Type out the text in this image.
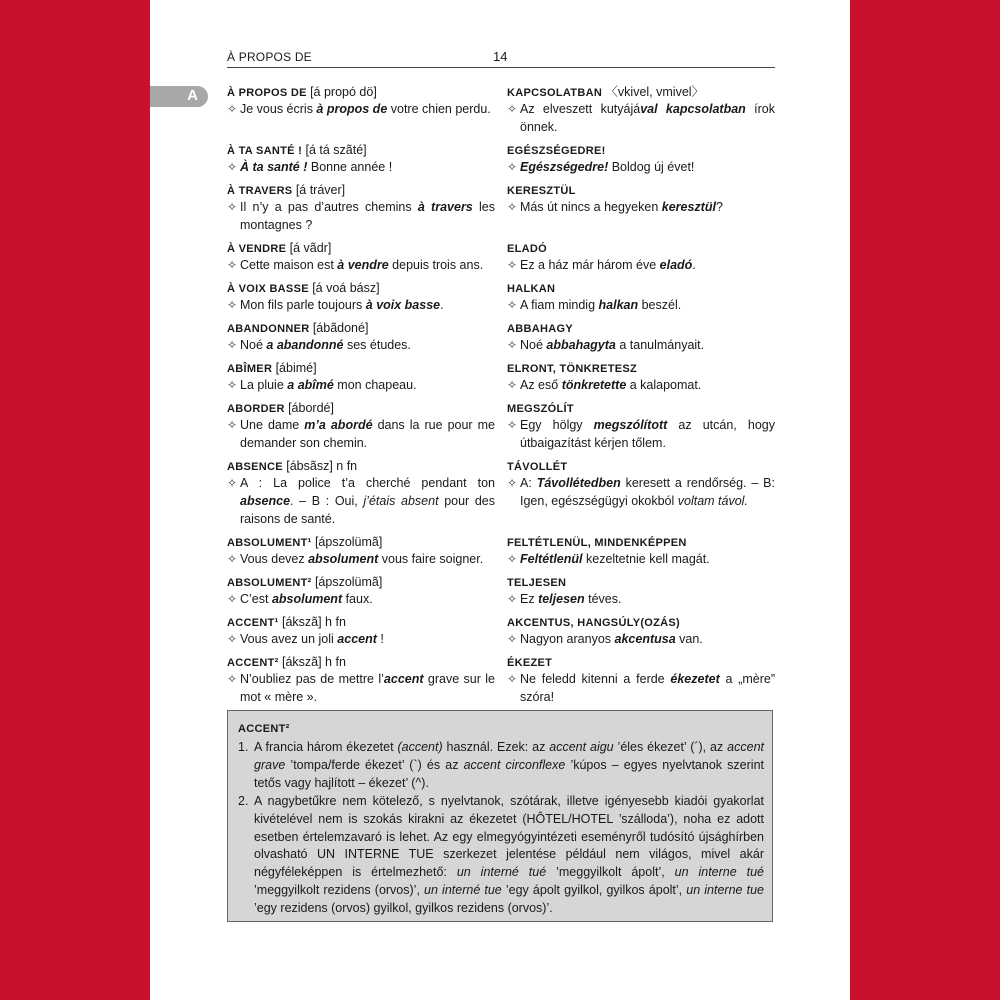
À PROPOS DE	14
A	À PROPOS DE [á propó dö]
✧ Je vous écris à propos de votre chien perdu.
À TA SANTÉ ! [á tá szãté]
✧ À ta santé ! Bonne année !
À TRAVERS [á tráver]
✧ Il n’y a pas d’autres chemins à travers les montagnes ?
À VENDRE [á vãdr]
✧ Cette maison est à vendre depuis trois ans.
À VOIX BASSE [á voá bász]
✧ Mon fils parle toujours à voix basse.
ABANDONNER [ábãdoné]
✧ Noé a abandonné ses études.
ABÎMER [ábimé]
✧ La pluie a abîmé mon chapeau.
ABORDER [ábordé]
✧ Une dame m’a abordé dans la rue pour me demander son chemin.
ABSENCE [ábsãsz] n fn
✧ A : La police t’a cherché pendant ton absence. – B : Oui, j’étais absent pour des raisons de santé.
ABSOLUMENT¹ [ápszolümã]
✧ Vous devez absolument vous faire soigner.
ABSOLUMENT² [ápszolümã]
✧ C’est absolument faux.
ACCENT¹ [ákszã] h fn
✧ Vous avez un joli accent !
ACCENT² [ákszã] h fn
✧ N’oubliez pas de mettre l’accent grave sur le mot « mère ».
KAPCSOLATBAN 〈vkivel, vmivel〉
✧ Az elveszett kutyájával kapcsolatban írok önnek.
EGÉSZSÉGEDRE!
✧ Egészségedre! Boldog új évet!
KERESZTÜL
✧ Más út nincs a hegyeken keresztül?
ELADÓ
✧ Ez a ház már három éve eladó.
HALKAN
✧ A fiam mindig halkan beszél.
ABBAHAGY
✧ Noé abbahagyta a tanulmányait.
ELRONT, TÖNKRETESZ
✧ Az eső tönkretette a kalapomat.
MEGSZÓLÍT
✧ Egy hölgy megszólított az utcán, hogy útbaigazítást kérjen tőlem.
TÁVOLLÉT
✧ A: Távollétedben keresett a rendőrség. – B: Igen, egészségügyi okokból voltam távol.
FELTÉTLENÜL, MINDENKÉPPEN
✧ Feltétlenül kezeltetnie kell magát.
TELJESEN
✧ Ez teljesen téves.
AKCENTUS, HANGSÚLY(OZÁS)
✧ Nagyon aranyos akcentusa van.
ÉKEZET
✧ Ne feledd kitenni a ferde ékezetet a „mère” szóra!
ACCENT²
1. A francia három ékezetet (accent) használ. Ezek: az accent aigu ’éles ékezet’ (´), az accent grave ’tompa/ferde ékezet’ (`) és az accent circonflexe ’kúpos – egyes nyelvtanok szerint tetős vagy hajlított – ékezet’ (^).
2. A nagybetűkre nem kötelező, s nyelvtanok, szótárak, illetve igényesebb kiadói gyakorlat kivételével nem is szokás kirakni az ékezetet (HÔTEL/HOTEL ’szálloda’), noha ez adott esetben értelemzavaró is lehet. Az egy elmegyógyintézeti eseményről tudósító újsághírben olvasható UN INTERNE TUE szerkezet jelentése például nem világos, mivel akár négyféleképpen is értelmezhető: un interné tué ’meggyilkolt ápolt’, un interne tué ’meggyilkolt rezidens (orvos)’, un interné tue ’egy ápolt gyilkol, gyilkos ápolt’, un interne tue ’egy rezidens (orvos) gyilkol, gyilkos rezidens (orvos)’.
